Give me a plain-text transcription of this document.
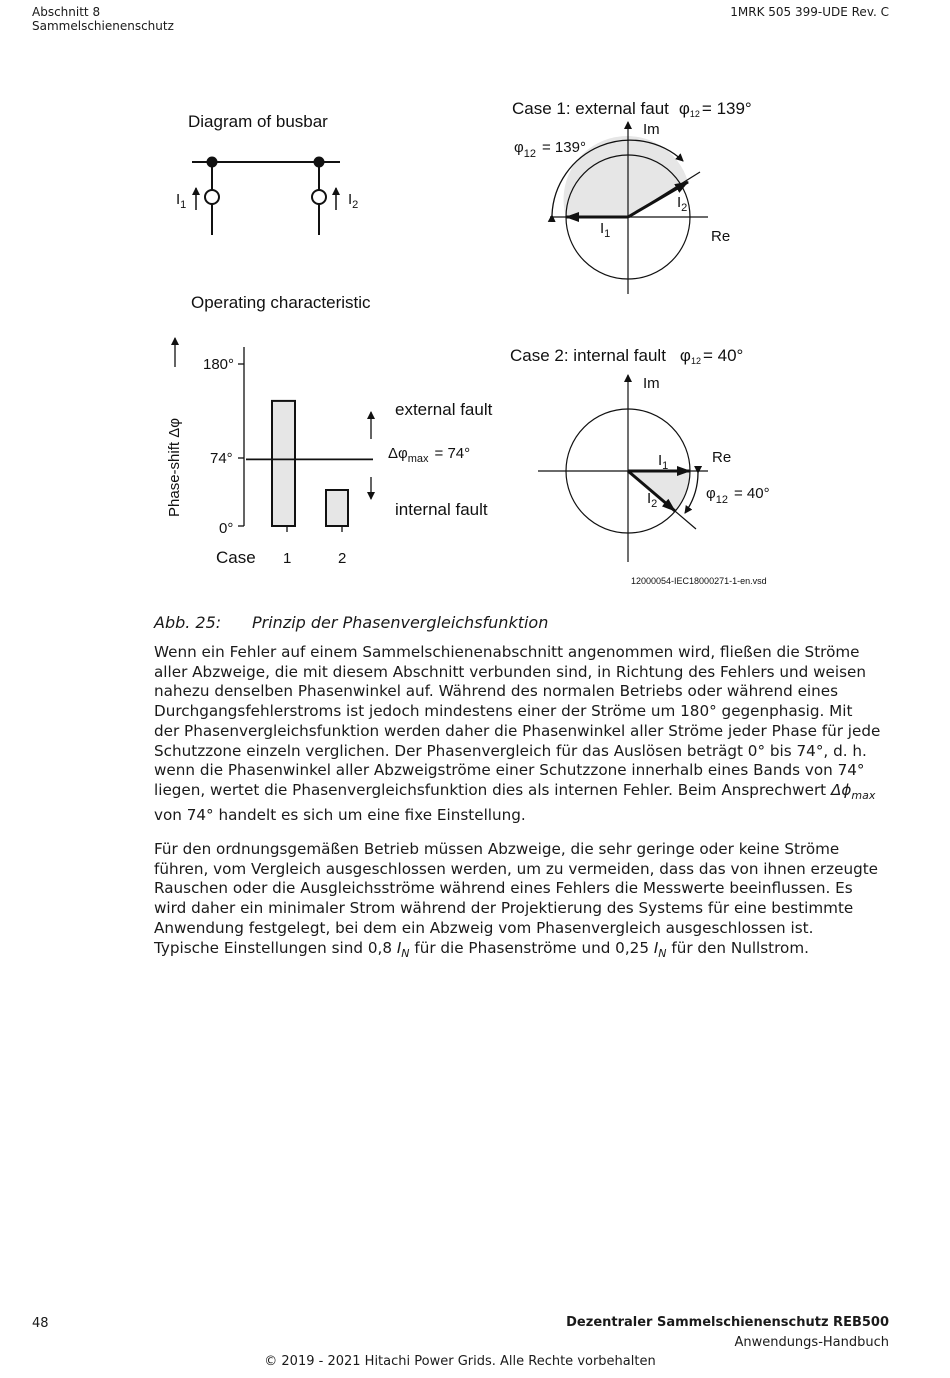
Abschnitt 8
Sammelschienenschutz
1MRK 505 399-UDE Rev. C
Diagram of busbar
$I_1$	$I_2$
Case 1: external faut φ12 = 139°
Im
Re
$\varphi_{12} = 139^\circ$
$I_1$
$I_2$
Operating characteristic
Phase-shift Δφ
180°
74°
0°
Case 1	2
external fault
internal fault
$\Delta\varphi_{max} = 74^\circ$
Case 2: internal fault φ12 = 40°
Im
Re
$I_1$
$I_2$
$\varphi_{12} = 40^\circ$
12000054-IEC18000271-1-en.vsd
Abb. 25: Prinzip der Phasenvergleichsfunktion

Wenn ein Fehler auf einem Sammelschienenabschnitt angenommen wird, fließen die Ströme
aller Abzweige, die mit diesem Abschnitt verbunden sind, in Richtung des Fehlers und weisen
nahezu denselben Phasenwinkel auf. Während des normalen Betriebs oder während eines
Durchgangsfehlerstroms ist jedoch mindestens einer der Ströme um 180° gegenphasig. Mit
der Phasenvergleichsfunktion werden daher die Phasenwinkel aller Ströme jeder Phase für jede
Schutzzone einzeln verglichen. Der Phasenvergleich für das Auslösen beträgt 0° bis 74°, d. h.
wenn die Phasenwinkel aller Abzweigströme einer Schutzzone innerhalb eines Bands von 74°
liegen, wertet die Phasenvergleichsfunktion dies als internen Fehler. Beim Ansprechwert $\Delta\phi_{max}$
von 74° handelt es sich um eine fixe Einstellung.

Für den ordnungsgemäßen Betrieb müssen Abzweige, die sehr geringe oder keine Ströme
führen, vom Vergleich ausgeschlossen werden, um zu vermeiden, dass das von ihnen erzeugte
Rauschen oder die Ausgleichsströme während eines Fehlers die Messwerte beeinflussen. Es
wird daher ein minimaler Strom während der Projektierung des Systems für eine bestimmte
Anwendung festgelegt, bei dem ein Abzweig vom Phasenvergleich ausgeschlossen ist.
Typische Einstellungen sind 0,8 $I_N$ für die Phasenströme und 0,25 $I_N$ für den Nullstrom.

48	Dezentraler Sammelschienenschutz REB500
Anwendungs-Handbuch
© 2019 - 2021 Hitachi Power Grids. Alle Rechte vorbehalten
